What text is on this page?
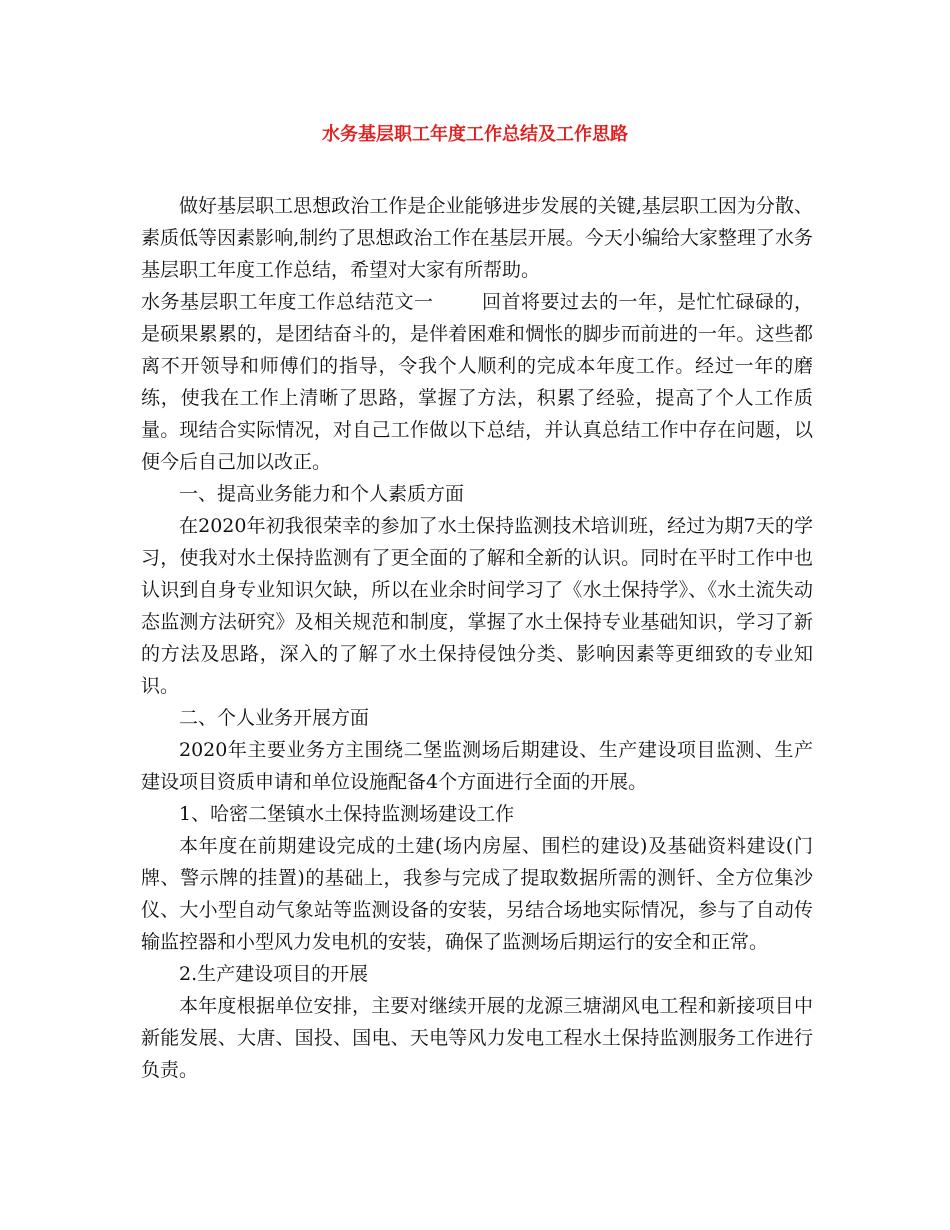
水务基层职工年度工作总结及工作思路

做好基层职工思想政治工作是企业能够进步发展的关键,基层职工因为分散、素质低等因素影响,制约了思想政治工作在基层开展。今天小编给大家整理了水务基层职工年度工作总结，希望对大家有所帮助。

水务基层职工年度工作总结范文一	回首将要过去的一年，是忙忙碌碌的，是硕果累累的，是团结奋斗的，是伴着困难和惆怅的脚步而前进的一年。这些都离不开领导和师傅们的指导，令我个人顺利的完成本年度工作。经过一年的磨练，使我在工作上清晰了思路，掌握了方法，积累了经验，提高了个人工作质量。现结合实际情况，对自己工作做以下总结，并认真总结工作中存在问题，以便今后自己加以改正。

一、提高业务能力和个人素质方面

在2020年初我很荣幸的参加了水土保持监测技术培训班，经过为期7天的学习，使我对水土保持监测有了更全面的了解和全新的认识。同时在平时工作中也认识到自身专业知识欠缺，所以在业余时间学习了《水土保持学》、《水土流失动态监测方法研究》及相关规范和制度，掌握了水土保持专业基础知识，学习了新的方法及思路，深入的了解了水土保持侵蚀分类、影响因素等更细致的专业知识。

二、个人业务开展方面

2020年主要业务方主围绕二堡监测场后期建设、生产建设项目监测、生产建设项目资质申请和单位设施配备4个方面进行全面的开展。

1、哈密二堡镇水土保持监测场建设工作

本年度在前期建设完成的土建(场内房屋、围栏的建设)及基础资料建设(门牌、警示牌的挂置)的基础上，我参与完成了提取数据所需的测钎、全方位集沙仪、大小型自动气象站等监测设备的安装，另结合场地实际情况，参与了自动传输监控器和小型风力发电机的安装，确保了监测场后期运行的安全和正常。

2.生产建设项目的开展

本年度根据单位安排，主要对继续开展的龙源三塘湖风电工程和新接项目中新能发展、大唐、国投、国电、天电等风力发电工程水土保持监测服务工作进行负责。
